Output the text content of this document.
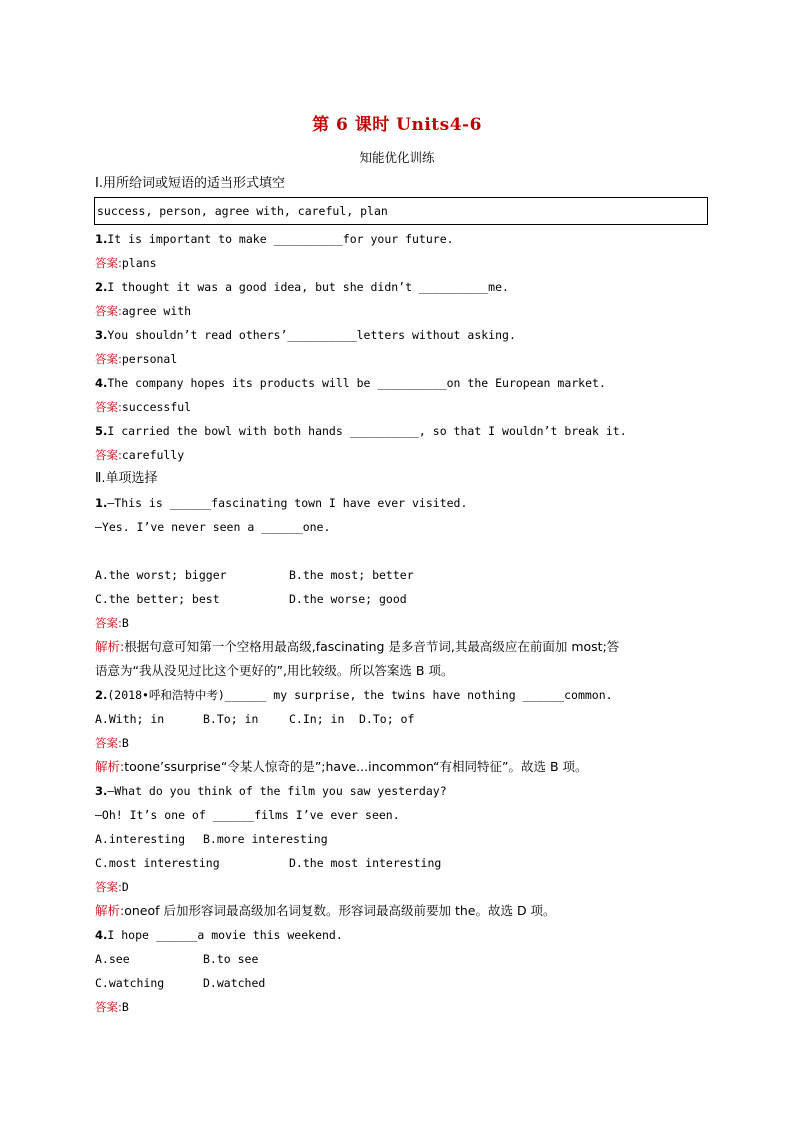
第 6 课时 Units4-6
知能优化训练
Ⅰ.用所给词或短语的适当形式填空
success, person, agree with, careful, plan
1.It is important to make __________for your future.
答案:plans
2.I thought it was a good idea, but she didn’t __________me.
答案:agree with
3.You shouldn’t read others’__________letters without asking.
答案:personal
4.The company hopes its products will be __________on the European market.
答案:successful
5.I carried the bowl with both hands __________, so that I wouldn’t break it.
答案:carefully
Ⅱ.单项选择
1.—This is ______fascinating town I have ever visited.
—Yes. I’ve never seen a ______one.
A.the worst; bigger	B.the most; better
C.the better; best	D.the worse; good
答案:B
解析:根据句意可知第一个空格用最高级,fascinating 是多音节词,其最高级应在前面加 most;答
语意为“我从没见过比这个更好的”,用比较级。所以答案选 B 项。
2.(2018•呼和浩特中考)______ my surprise, the twins have nothing ______common.
A.With; in	B.To; in	C.In; in D.To; of
答案:B
解析:toone’ssurprise“令某人惊奇的是”;have...incommon“有相同特征”。故选 B 项。
3.—What do you think of the film you saw yesterday?
—Oh! It’s one of ______films I’ve ever seen.
A.interesting B.more interesting
C.most interesting	D.the most interesting
答案:D
解析:oneof 后加形容词最高级加名词复数。形容词最高级前要加 the。故选 D 项。
4.I hope ______a movie this weekend.
A.see	B.to see
C.watching	D.watched
答案:B
